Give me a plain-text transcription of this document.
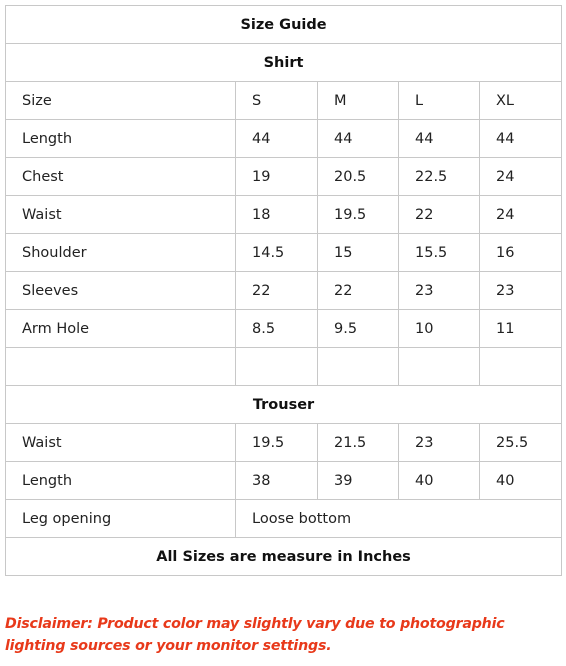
Size Guide				
Shirt				
Size	S	M	L	XL
Length	44	44	44	44
Chest	19	20.5	22.5	24
Waist	18	19.5	22	24
Shoulder	14.5	15	15.5	16
Sleeves	22	22	23	23
Arm Hole	8.5	9.5	10	11

Trouser				
Waist	19.5	21.5	23	25.5
Length	38	39	40	40
Leg opening	Loose bottom			
All Sizes are measure in Inches				
Disclaimer: Product color may slightly vary due to photographic lighting sources or your monitor settings.
